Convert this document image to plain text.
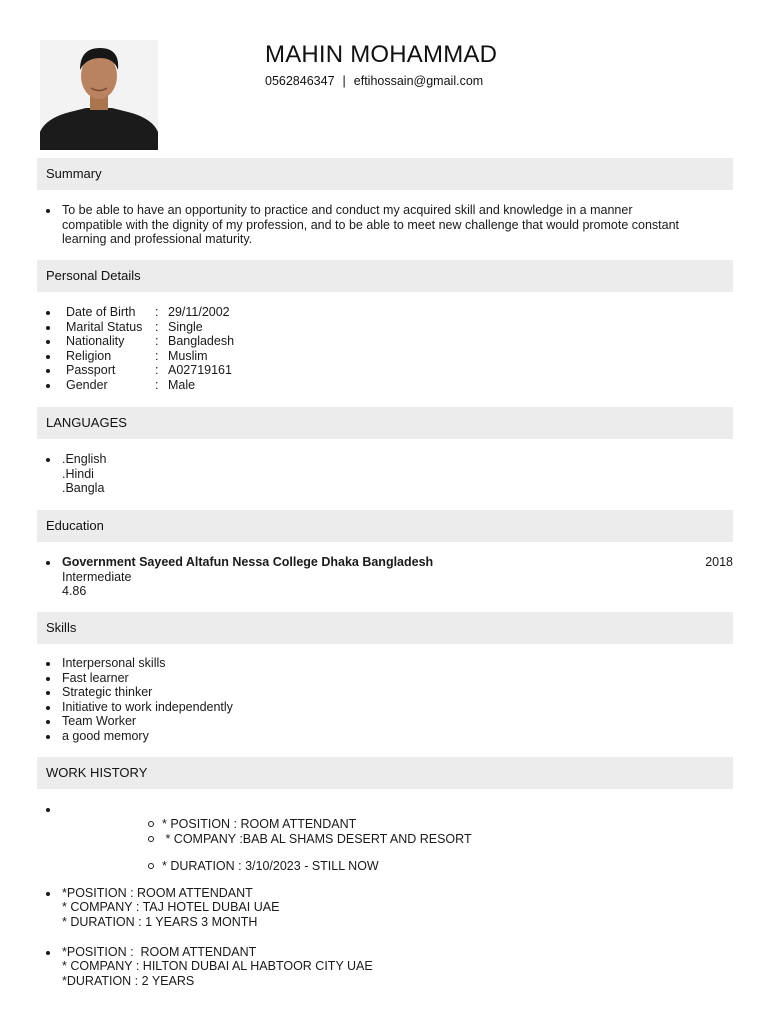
MAHIN MOHAMMAD
0562846347 | eftihossain@gmail.com
Summary
To be able to have an opportunity to practice and conduct my acquired skill and knowledge in a manner compatible with the dignity of my profession, and to be able to meet new challenge that would promote constant learning and professional maturity.
Personal Details
Date of Birth	: 29/11/2002
Marital Status	: Single
Nationality	: Bangladesh
Religion	: Muslim
Passport	: A02719161
Gender	: Male
LANGUAGES
.English
.Hindi
.Bangla
Education
Government Sayeed Altafun Nessa College Dhaka Bangladesh	2018
Intermediate
4.86
Skills
Interpersonal skills
Fast learner
Strategic thinker
Initiative to work independently
Team Worker
a good memory
WORK HISTORY
* POSITION : ROOM ATTENDANT
* COMPANY :BAB AL SHAMS DESERT AND RESORT
* DURATION : 3/10/2023 - STILL NOW
*POSITION : ROOM ATTENDANT
* COMPANY : TAJ HOTEL DUBAI UAE
* DURATION : 1 YEARS 3 MONTH
*POSITION :  ROOM ATTENDANT
* COMPANY : HILTON DUBAI AL HABTOOR CITY UAE
*DURATION : 2 YEARS
